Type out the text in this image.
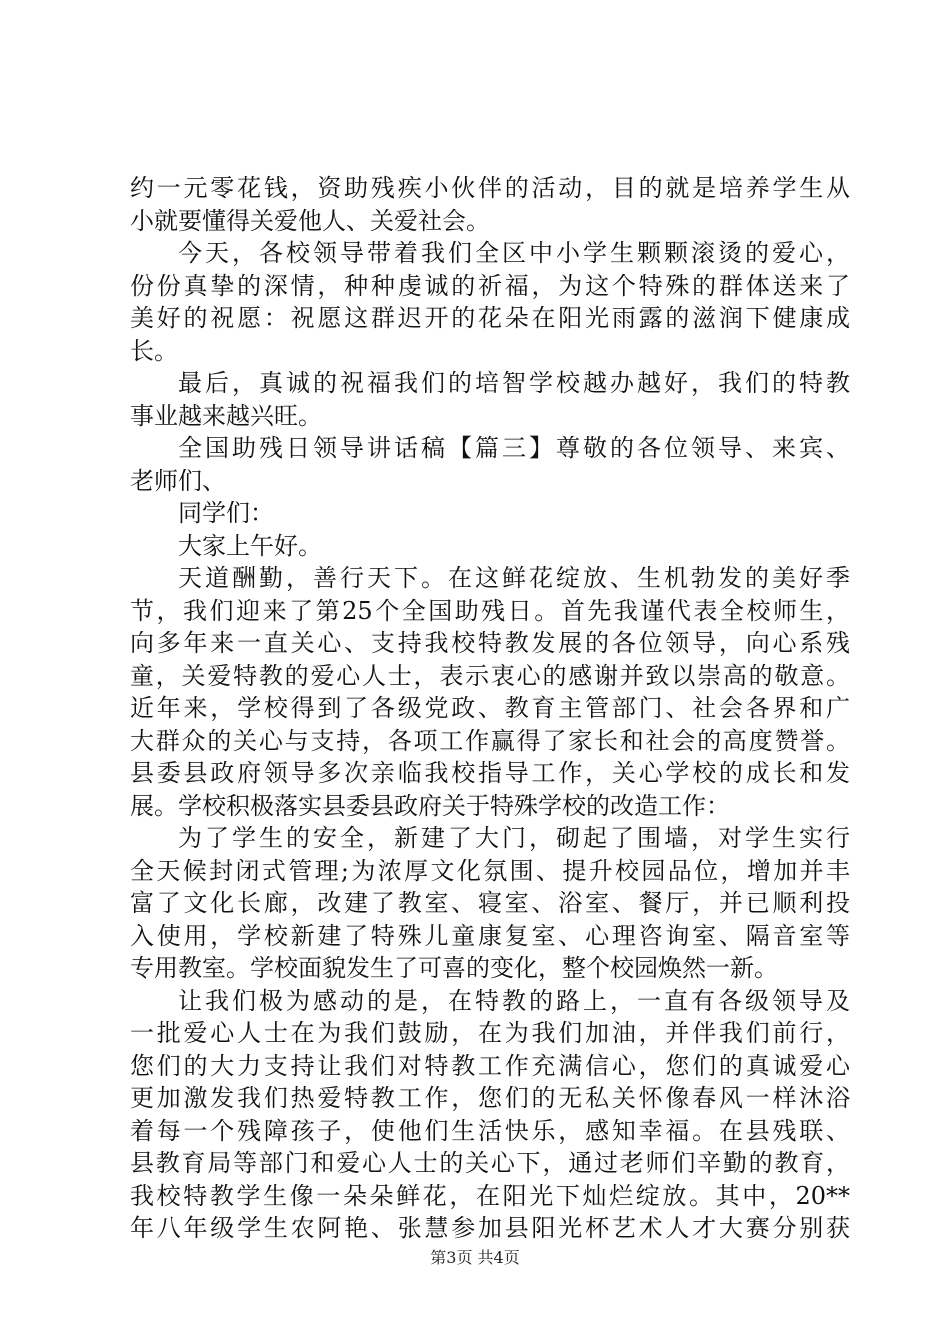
约一元零花钱，资助残疾小伙伴的活动，目的就是培养学生从
小就要懂得关爱他人、关爱社会。
今天，各校领导带着我们全区中小学生颗颗滚烫的爱心，
份份真挚的深情，种种虔诚的祈福，为这个特殊的群体送来了
美好的祝愿：祝愿这群迟开的花朵在阳光雨露的滋润下健康成
长。
最后，真诚的祝福我们的培智学校越办越好，我们的特教
事业越来越兴旺。
全国助残日领导讲话稿【篇三】尊敬的各位领导、来宾、
老师们、
同学们：
大家上午好。
天道酬勤，善行天下。在这鲜花绽放、生机勃发的美好季
节，我们迎来了第25个全国助残日。首先我谨代表全校师生，
向多年来一直关心、支持我校特教发展的各位领导，向心系残
童，关爱特教的爱心人士，表示衷心的感谢并致以崇高的敬意。
近年来，学校得到了各级党政、教育主管部门、社会各界和广
大群众的关心与支持，各项工作赢得了家长和社会的高度赞誉。
县委县政府领导多次亲临我校指导工作，关心学校的成长和发
展。学校积极落实县委县政府关于特殊学校的改造工作：
为了学生的安全，新建了大门，砌起了围墙，对学生实行
全天候封闭式管理;为浓厚文化氛围、提升校园品位，增加并丰
富了文化长廊，改建了教室、寝室、浴室、餐厅，并已顺利投
入使用，学校新建了特殊儿童康复室、心理咨询室、隔音室等
专用教室。学校面貌发生了可喜的变化，整个校园焕然一新。
让我们极为感动的是，在特教的路上，一直有各级领导及
一批爱心人士在为我们鼓励，在为我们加油，并伴我们前行，
您们的大力支持让我们对特教工作充满信心，您们的真诚爱心
更加激发我们热爱特教工作，您们的无私关怀像春风一样沐浴
着每一个残障孩子，使他们生活快乐，感知幸福。在县残联、
县教育局等部门和爱心人士的关心下，通过老师们辛勤的教育，
我校特教学生像一朵朵鲜花，在阳光下灿烂绽放。其中，20**
年八年级学生农阿艳、张慧参加县阳光杯艺术人才大赛分别获
第3页 共4页
